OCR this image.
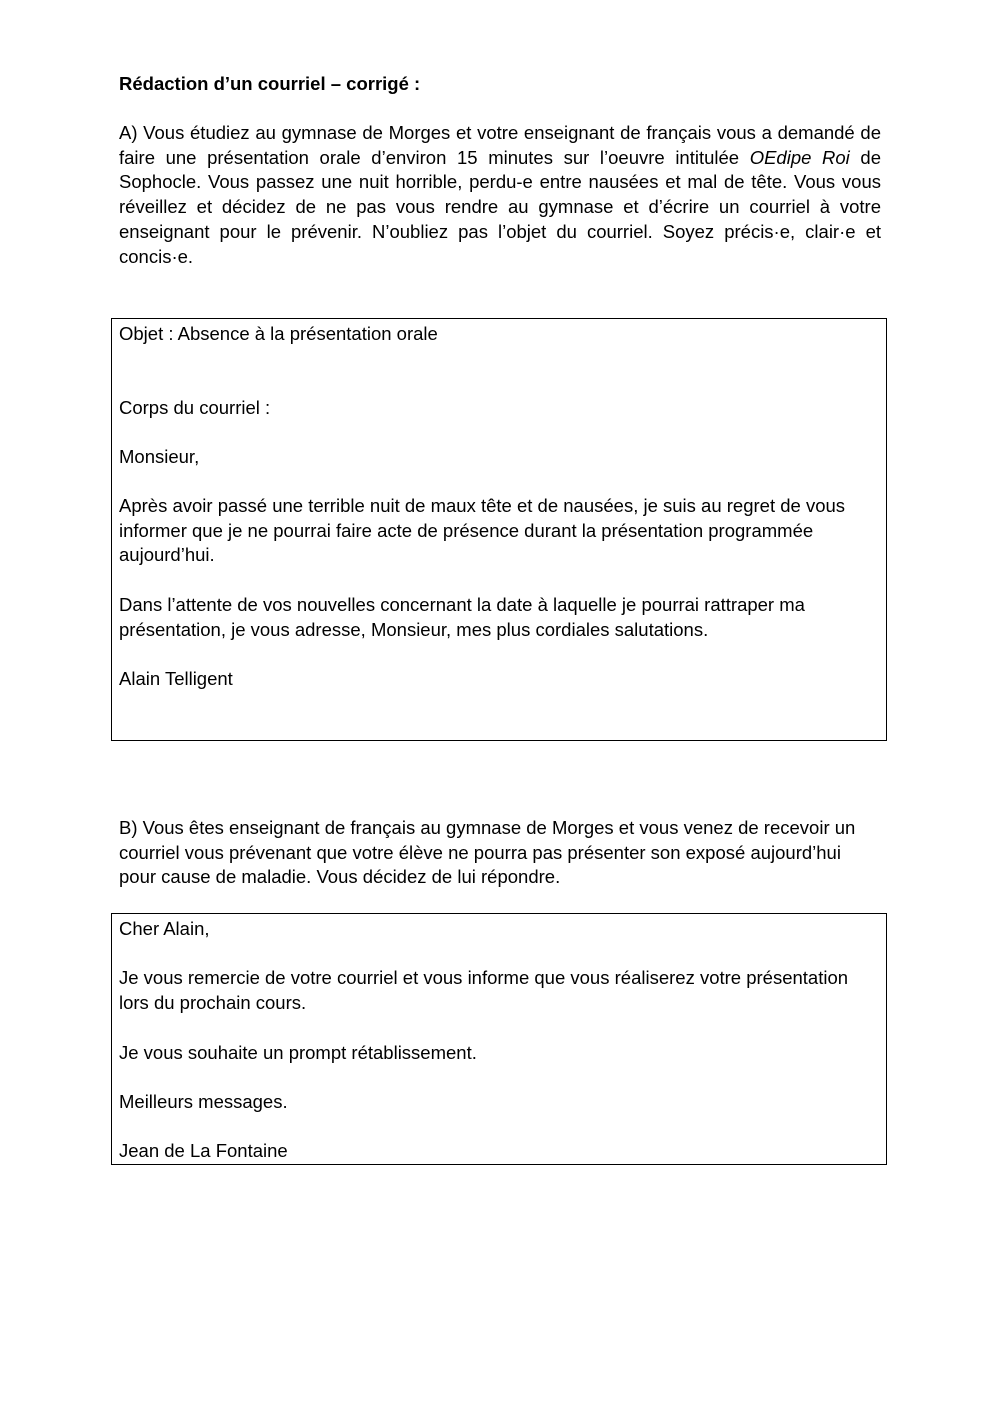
Rédaction d’un courriel – corrigé :

A) Vous étudiez au gymnase de Morges et votre enseignant de français vous a demandé de faire une présentation orale d’environ 15 minutes sur l’oeuvre intitulée OEdipe Roi de Sophocle. Vous passez une nuit horrible, perdu-e entre nausées et mal de tête. Vous vous réveillez et décidez de ne pas vous rendre au gymnase et d’écrire un courriel à votre enseignant pour le prévenir. N’oubliez pas l’objet du courriel. Soyez précis·e, clair·e et concis·e.

Objet : Absence à la présentation orale

Corps du courriel :

Monsieur,

Après avoir passé une terrible nuit de maux tête et de nausées, je suis au regret de vous informer que je ne pourrai faire acte de présence durant la présentation programmée aujourd’hui.

Dans l’attente de vos nouvelles concernant la date à laquelle je pourrai rattraper ma présentation, je vous adresse, Monsieur, mes plus cordiales salutations.

Alain Telligent

B) Vous êtes enseignant de français au gymnase de Morges et vous venez de recevoir un courriel vous prévenant que votre élève ne pourra pas présenter son exposé aujourd’hui pour cause de maladie. Vous décidez de lui répondre.

Cher Alain,

Je vous remercie de votre courriel et vous informe que vous réaliserez votre présentation lors du prochain cours.

Je vous souhaite un prompt rétablissement.

Meilleurs messages.

Jean de La Fontaine
